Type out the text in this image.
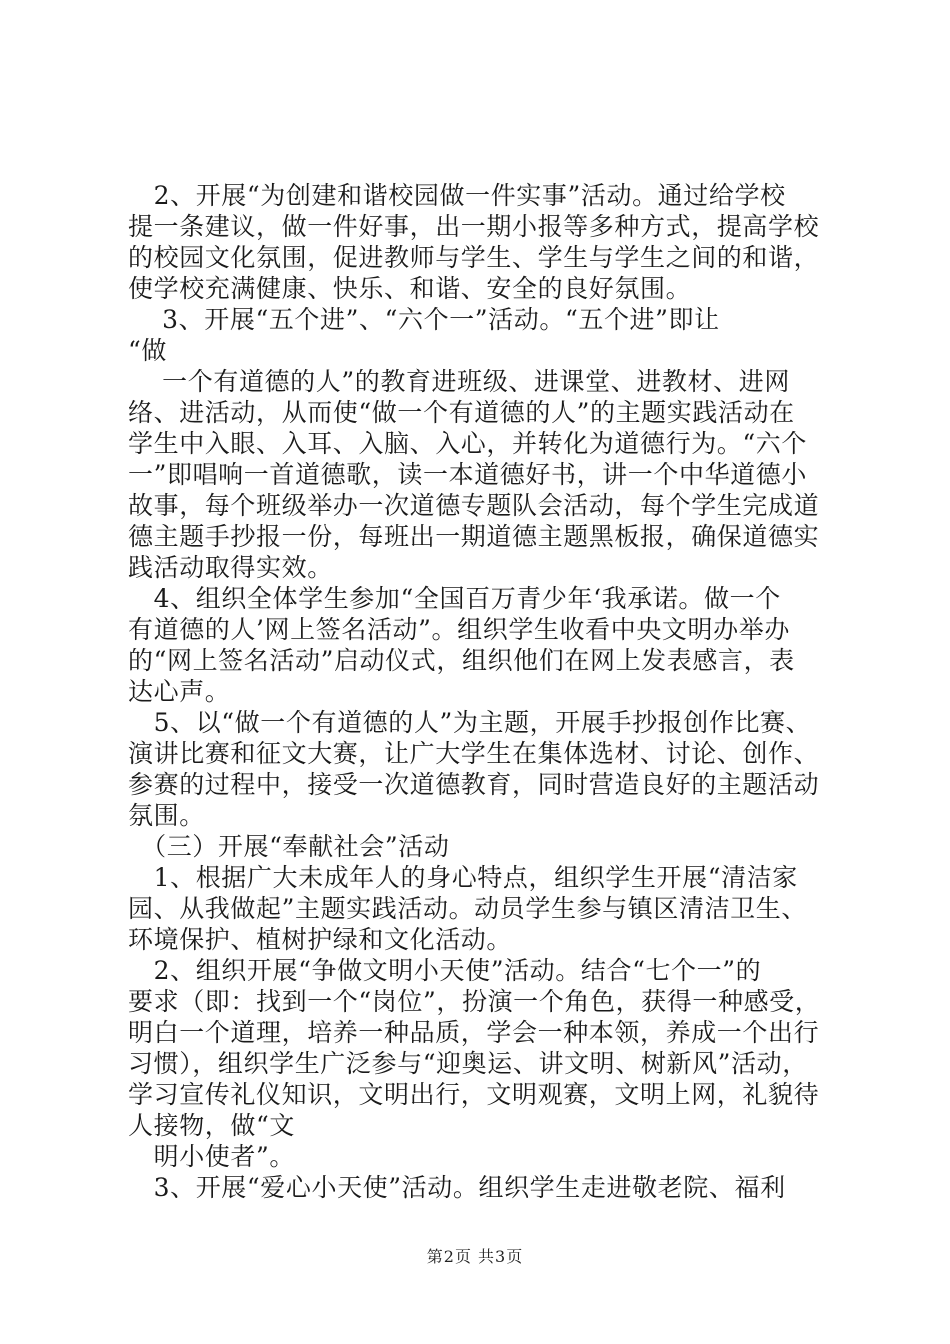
　2、开展“为创建和谐校园做一件实事”活动。通过给学校
提一条建议，做一件好事，出一期小报等多种方式，提高学校
的校园文化氛围，促进教师与学生、学生与学生之间的和谐，
使学校充满健康、快乐、和谐、安全的良好氛围。
　 3、开展“五个进”、“六个一”活动。“五个进”即让
“做
　 一个有道德的人”的教育进班级、进课堂、进教材、进网
络、进活动，从而使“做一个有道德的人”的主题实践活动在
学生中入眼、入耳、入脑、入心，并转化为道德行为。“六个
一”即唱响一首道德歌，读一本道德好书，讲一个中华道德小
故事，每个班级举办一次道德专题队会活动，每个学生完成道
德主题手抄报一份，每班出一期道德主题黑板报，确保道德实
践活动取得实效。
　4、组织全体学生参加“全国百万青少年‘我承诺。做一个
有道德的人’网上签名活动”。组织学生收看中央文明办举办
的“网上签名活动”启动仪式，组织他们在网上发表感言，表
达心声。
　5、以“做一个有道德的人”为主题，开展手抄报创作比赛、
演讲比赛和征文大赛，让广大学生在集体选材、讨论、创作、
参赛的过程中，接受一次道德教育，同时营造良好的主题活动
氛围。
　（三）开展“奉献社会”活动
　1、根据广大未成年人的身心特点，组织学生开展“清洁家
园、从我做起”主题实践活动。动员学生参与镇区清洁卫生、
环境保护、植树护绿和文化活动。
　2、组织开展“争做文明小天使”活动。结合“七个一”的
要求（即：找到一个“岗位”，扮演一个角色，获得一种感受，
明白一个道理，培养一种品质，学会一种本领，养成一个出行
习惯），组织学生广泛参与“迎奥运、讲文明、树新风”活动，
学习宣传礼仪知识，文明出行，文明观赛，文明上网，礼貌待
人接物，做“文
　明小使者”。
　3、开展“爱心小天使”活动。组织学生走进敬老院、福利
第2页 共3页
